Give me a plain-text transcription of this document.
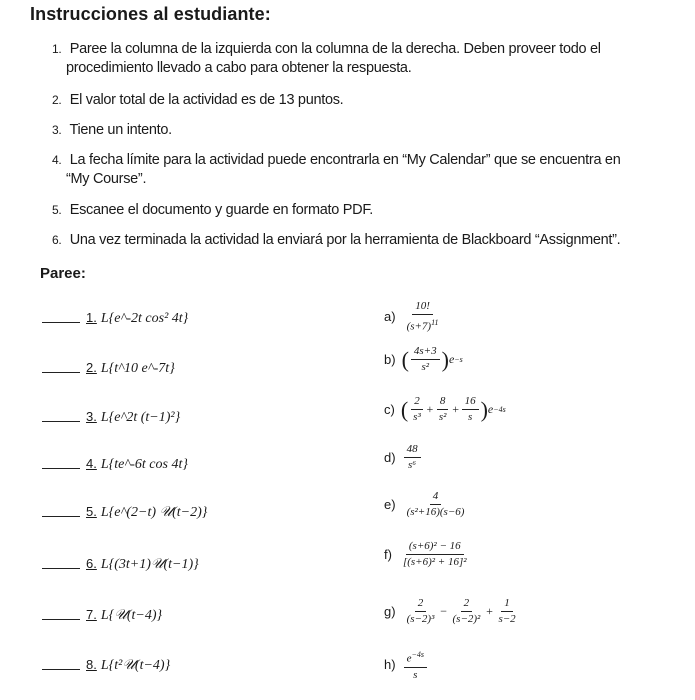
Instrucciones al estudiante:
1. Paree la columna de la izquierda con la columna de la derecha. Deben proveer todo el
procedimiento llevado a cabo para obtener la respuesta.
2. El valor total de la actividad es de 13 puntos.
3. Tiene un intento.
4. La fecha límite para la actividad puede encontrarla en “My Calendar” que se encuentra en
“My Course”.
5. Escanee el documento y guarde en formato PDF.
6. Una vez terminada la actividad la enviará por la herramienta de Blackboard “Assignment”.
Paree:
1. L{e^-2t cos² 4t}
2. L{t^10 e^-7t}
3. L{e^2t (t−1)²}
4. L{te^-6t cos 4t}
5. L{e^(2−t) 𝒰(t−2)}
6. L{(3t+1)𝒰(t−1)}
7. L{𝒰(t−4)}
8. L{t²𝒰(t−4)}
$a) \frac{10!}{(s+7)^{11}}$
b) ( $\frac{4s+3}{\text{s²}}$ ) e −s
c) ( $\frac{2}{\text{s³}} + \frac{8}{\text{s²}} + \frac{16}{s}$ ) e −4s
$d) \frac{48}{\text{s⁶}}$
$e) \frac{4}{\text{(s²+16)(s−6)}}$
$f) \frac{\text{(s+6)² − 16}}{\text{[(s+6)² + 16]²}}$
$g) \frac{2}{\text{(s−2)³}} - \frac{2}{\text{(s−2)²}} + \frac{1}{s-2}$
$h) \frac{e^{-4s}}{s}$
